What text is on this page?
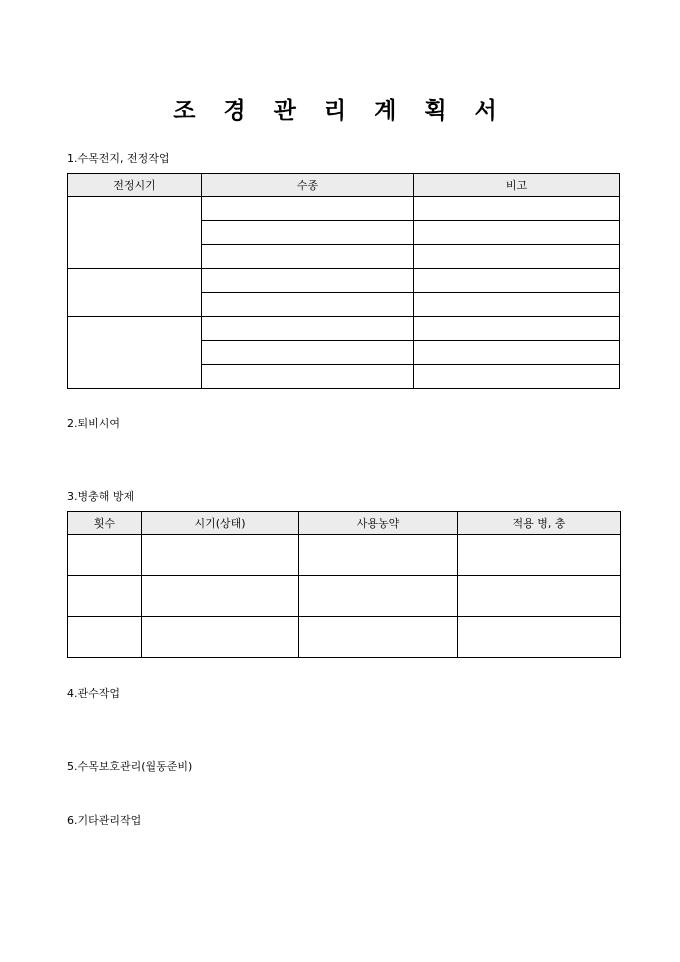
조 경 관 리 계 획 서
1.수목전지, 전정작업
전정시기	수종	비고

2.퇴비시여
3.병충해 방제
횟수	시기(상태)	사용농약	적용 병, 충

4.관수작업
5.수목보호관리(월동준비)
6.기타관리작업
